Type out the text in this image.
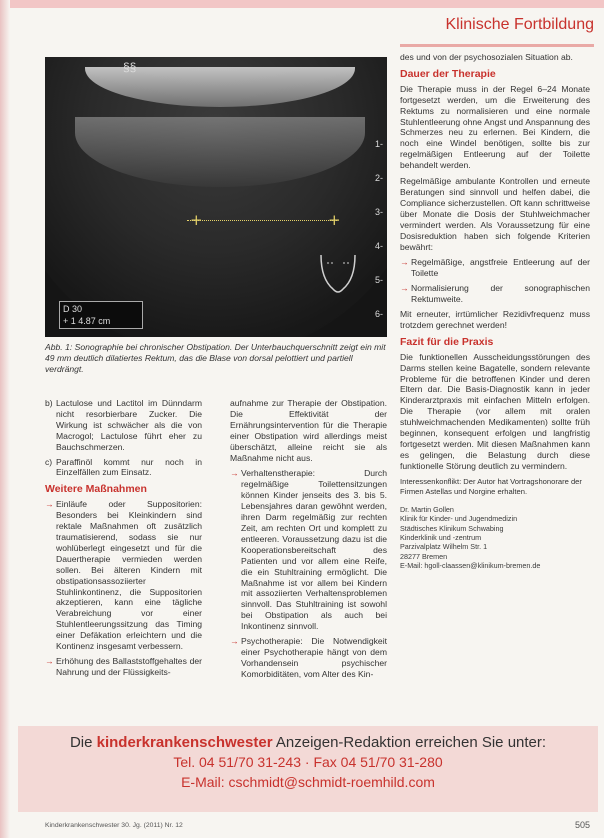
Klinische Fortbildung
§§
+	+
1-
2-
3-
4-
5-
6-
D 30
+ 1 4.87 cm
Abb. 1: Sonographie bei chronischer Obstipation. Der Unterbauchquerschnitt zeigt ein mit 49 mm deutlich dilatiertes Rektum, das die Blase von dorsal pelottiert und partiell verdrängt.
b) Lactulose und Lactitol im Dünndarm nicht resorbierbare Zucker. Die Wirkung ist schwächer als die von Macrogol; Lactulose führt eher zu Bauchschmerzen.
c) Paraffinöl kommt nur noch in Einzelfällen zum Einsatz.
Weitere Maßnahmen
→ Einläufe oder Suppositorien: Besonders bei Kleinkindern sind rektale Maßnahmen oft zusätzlich traumatisierend, sodass sie nur wohlüberlegt eingesetzt und für die Dauertherapie vermieden werden sollen. Bei älteren Kindern mit obstipationsassoziierter Stuhlinkontinenz, die Suppositorien akzeptieren, kann eine tägliche Verabreichung vor einer Stuhlentleerungssitzung das Timing einer Defäkation erleichtern und die Kontinenz insgesamt verbessern.
→ Erhöhung des Ballaststoffgehaltes der Nahrung und der Flüssigkeits-

aufnahme zur Therapie der Obstipation. Die Effektivität der Ernährungsintervention für die Therapie einer Obstipation wird allerdings meist überschätzt, alleine reicht sie als Maßnahme nicht aus.

→ Verhaltenstherapie: Durch regelmäßige Toilettensitzungen können Kinder jenseits des 3. bis 5. Lebensjahres daran gewöhnt werden, ihren Darm regelmäßig zur rechten Zeit, am rechten Ort und komplett zu entleeren. Voraussetzung dazu ist die Kooperationsbereitschaft des Patienten und vor allem eine Reife, die ein Stuhltraining ermöglicht. Die Maßnahme ist vor allem bei Kindern mit assoziierten Verhaltensproblemen sinnvoll. Das Stuhltraining ist sowohl bei Obstipation als auch bei Inkontinenz sinnvoll.
→ Psychotherapie: Die Notwendigkeit einer Psychotherapie hängt von dem Vorhandensein psychischer Komorbiditäten, vom Alter des Kin-

des und von der psychosozialen Situation ab.

Dauer der Therapie

Die Therapie muss in der Regel 6–24 Monate fortgesetzt werden, um die Erweiterung des Rektums zu normalisieren und eine normale Stuhlentleerung ohne Angst und Anspannung des Schmerzes neu zu erlernen. Bei Kindern, die noch eine Windel benötigen, sollte bis zur regelmäßigen Entleerung auf der Toilette behandelt werden.

Regelmäßige ambulante Kontrollen und erneute Beratungen sind sinnvoll und helfen dabei, die Compliance sicherzustellen. Oft kann schrittweise über Monate die Dosis der Stuhlweichmacher vermindert werden. Als Voraussetzung für eine Dosisreduktion haben sich folgende Kriterien bewährt:

→ Regelmäßige, angstfreie Entleerung auf der Toilette
→ Normalisierung der sonographischen Rektumweite.

Mit erneuter, irrtümlicher Rezidivfrequenz muss trotzdem gerechnet werden!

Fazit für die Praxis

Die funktionellen Ausscheidungsstörungen des Darms stellen keine Bagatelle, sondern relevante Probleme für die betroffenen Kinder und deren Eltern dar. Die Basis-Diagnostik kann in jeder Kinderarztpraxis mit einfachen Mitteln erfolgen. Die Therapie (vor allem mit oralen stuhlweichmachenden Medikamenten) sollte früh beginnen, konsequent erfolgen und langfristig fortgesetzt werden. Mit diesen Maßnahmen kann es gelingen, die Belastung durch diese funktionelle Störung deutlich zu vermindern.

Interessenkonflikt: Der Autor hat Vortragshonorare der Firmen Astellas und Norgine erhalten.
Dr. Martin Gollen
Klinik für Kinder- und Jugendmedizin
Städtisches Klinikum Schwabing
Kinderklinik und -zentrum
Parzivalplatz Wilhelm Str. 1
28277 Bremen
E-Mail: hgoll-claassen@klinikum-bremen.de
Die kinderkrankenschwester Anzeigen-Redaktion erreichen Sie unter:
Tel. 04 51/70 31-243 · Fax 04 51/70 31-280
E-Mail: cschmidt@schmidt-roemhild.com
Kinderkrankenschwester 30. Jg. (2011) Nr. 12	505
